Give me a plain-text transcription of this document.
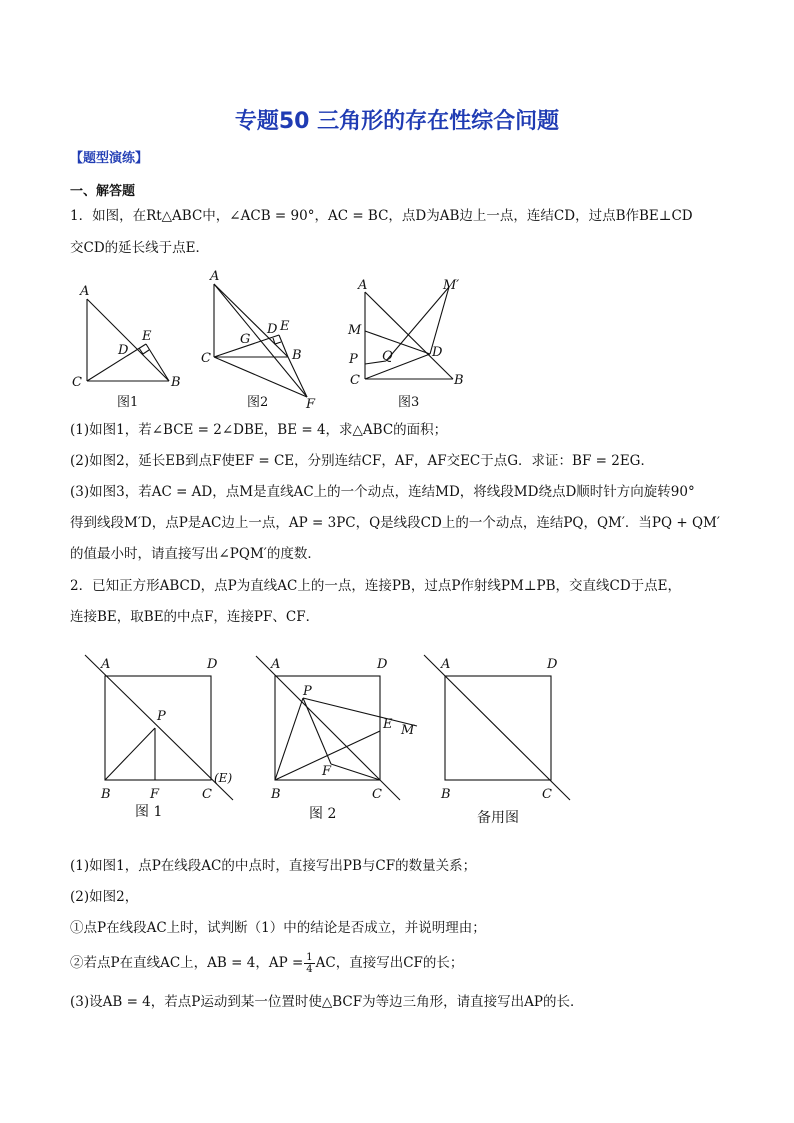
专题50 三角形的存在性综合问题
【题型演练】
一、解答题
1．如图，在Rt△ABC中，∠ACB = 90°，AC = BC，点D为AB边上一点，连结CD，过点B作BE⊥CD
交CD的延长线于点E．
A
C	B
D
E
A
C	B
D E
G
F
A
M
P Q	D
M′
C	B
图1	图2	图3
(1)如图1，若∠BCE = 2∠DBE，BE = 4，求△ABC的面积；
(2)如图2，延长EB到点F使EF = CE，分别连结CF，AF，AF交EC于点G．求证：BF = 2EG．
(3)如图3，若AC = AD，点M是直线AC上的一个动点，连结MD，将线段MD绕点D顺时针方向旋转90°
得到线段M′D，点P是AC边上一点，AP = 3PC，Q是线段CD上的一个动点，连结PQ，QM′．当PQ + QM′
的值最小时，请直接写出∠PQM′的度数．
2．已知正方形ABCD，点P为直线AC上的一点，连接PB，过点P作射线PM⊥PB，交直线CD于点E，
连接BE，取BE的中点F，连接PF、CF．
A	D
P
B	F	C
(E)
A	D
P
E M
F
B	C
A	D
B	C
图 1	图 2	备用图
(1)如图1，点P在线段AC的中点时，直接写出PB与CF的数量关系；
(2)如图2，
①点P在线段AC上时，试判断（1）中的结论是否成立，并说明理由；
②若点P在直线AC上，AB = 4，AP = $\frac{1}{4}$ AC，直接写出CF的长；
(3)设AB = 4，若点P运动到某一位置时使△BCF为等边三角形，请直接写出AP的长．
